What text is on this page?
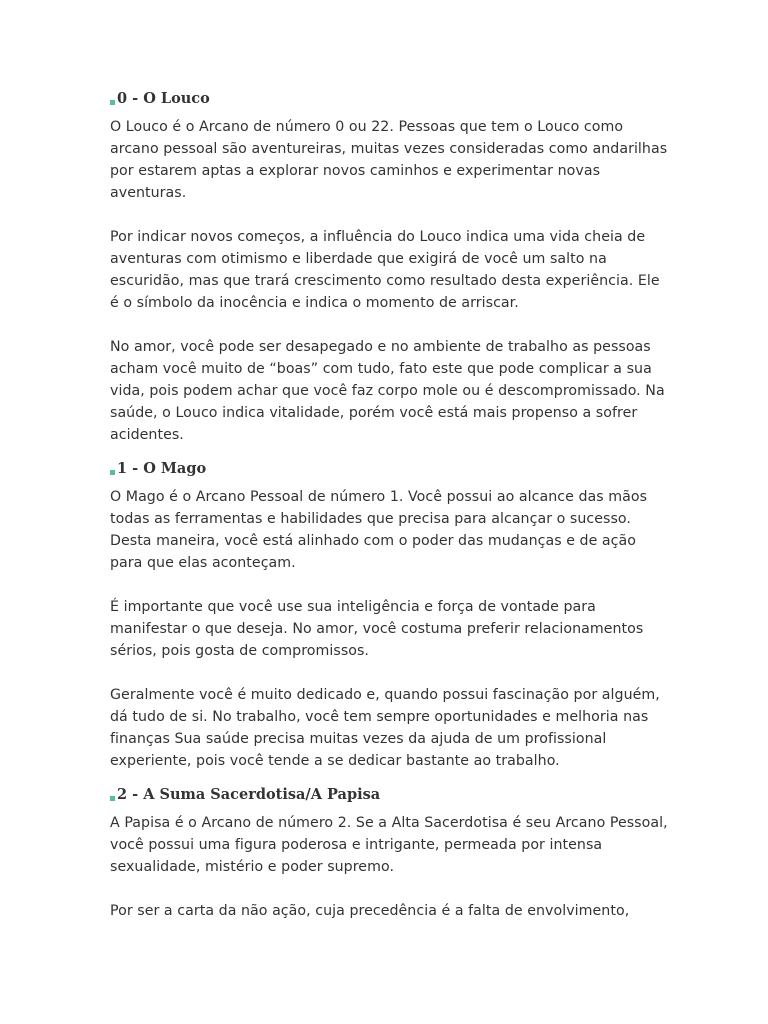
0 - O Louco

O Louco é o Arcano de número 0 ou 22. Pessoas que tem o Louco como arcano pessoal são aventureiras, muitas vezes consideradas como andarilhas por estarem aptas a explorar novos caminhos e experimentar novas aventuras.

Por indicar novos começos, a influência do Louco indica uma vida cheia de aventuras com otimismo e liberdade que exigirá de você um salto na escuridão, mas que trará crescimento como resultado desta experiência. Ele é o símbolo da inocência e indica o momento de arriscar.

No amor, você pode ser desapegado e no ambiente de trabalho as pessoas acham você muito de “boas” com tudo, fato este que pode complicar a sua vida, pois podem achar que você faz corpo mole ou é descompromissado. Na saúde, o Louco indica vitalidade, porém você está mais propenso a sofrer acidentes.

1 - O Mago

O Mago é o Arcano Pessoal de número 1. Você possui ao alcance das mãos todas as ferramentas e habilidades que precisa para alcançar o sucesso. Desta maneira, você está alinhado com o poder das mudanças e de ação para que elas aconteçam.

É importante que você use sua inteligência e força de vontade para manifestar o que deseja. No amor, você costuma preferir relacionamentos sérios, pois gosta de compromissos.

Geralmente você é muito dedicado e, quando possui fascinação por alguém, dá tudo de si. No trabalho, você tem sempre oportunidades e melhoria nas finanças Sua saúde precisa muitas vezes da ajuda de um profissional experiente, pois você tende a se dedicar bastante ao trabalho.

2 - A Suma Sacerdotisa/A Papisa

A Papisa é o Arcano de número 2. Se a Alta Sacerdotisa é seu Arcano Pessoal, você possui uma figura poderosa e intrigante, permeada por intensa sexualidade, mistério e poder supremo.

Por ser a carta da não ação, cuja precedência é a falta de envolvimento,
